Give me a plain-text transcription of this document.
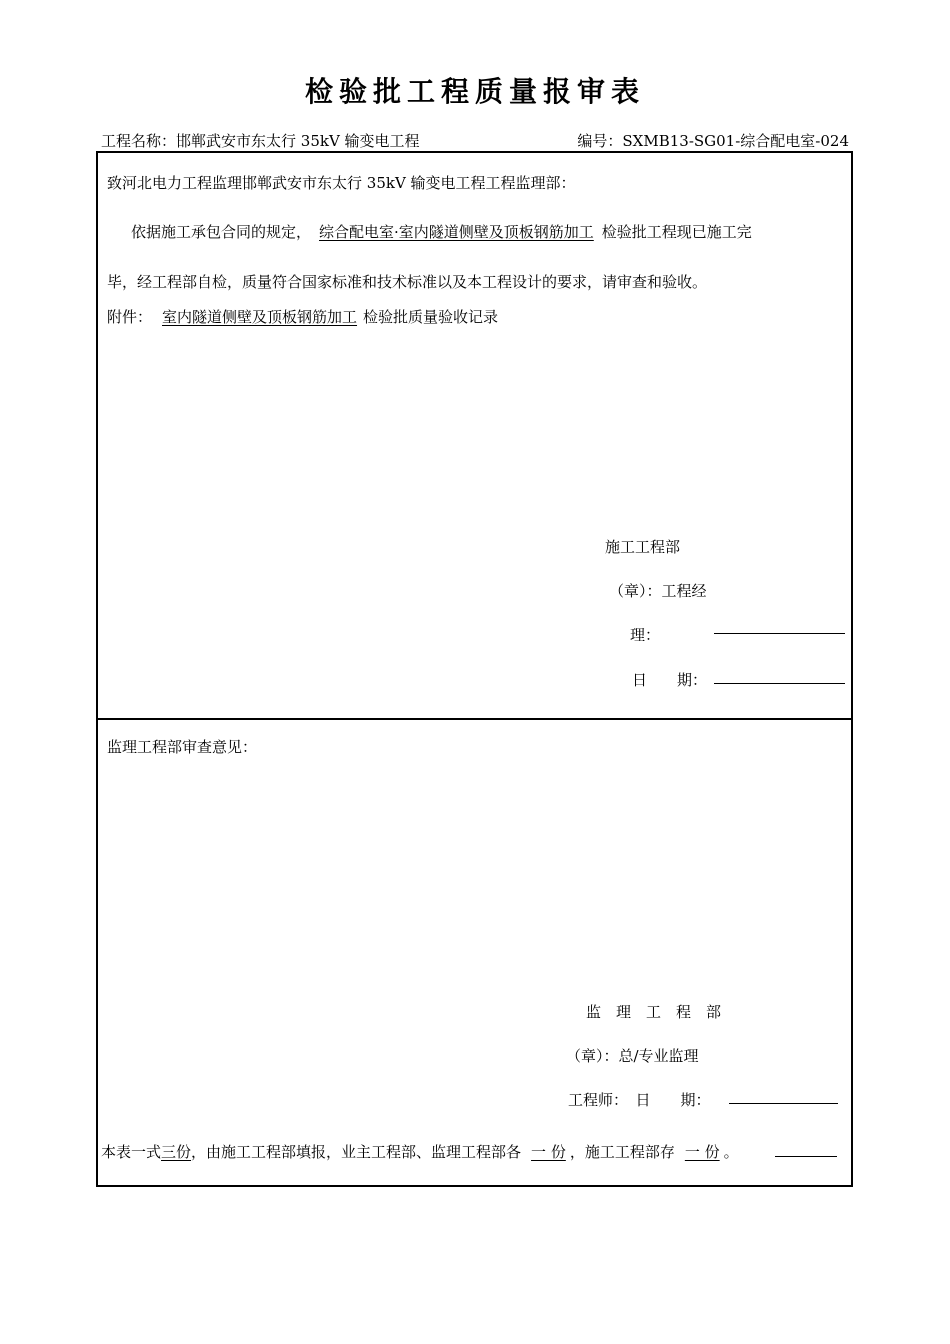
检验批工程质量报审表
工程名称：邯郸武安市东太行 35kV 输变电工程	编号：SXMB13-SG01-综合配电室-024
致河北电力工程监理邯郸武安市东太行 35kV 输变电工程工程监理部：
依据施工承包合同的规定， 综合配电室·室内隧道侧壁及顶板钢筋加工 检验批工程现已施工完
毕，经工程部自检，质量符合国家标准和技术标准以及本工程设计的要求，请审查和验收。
附件： 室内隧道侧壁及顶板钢筋加工 检验批质量验收记录
施工工程部
（章）：工程经
理：
日　　期：
监理工程部审查意见：
监　理　工　程　部
（章）：总/专业监理
工程师：　日　　期：
本表一式三份，由施工工程部填报，业主工程部、监理工程部各 一 份 ，施工工程部存 一 份 。
